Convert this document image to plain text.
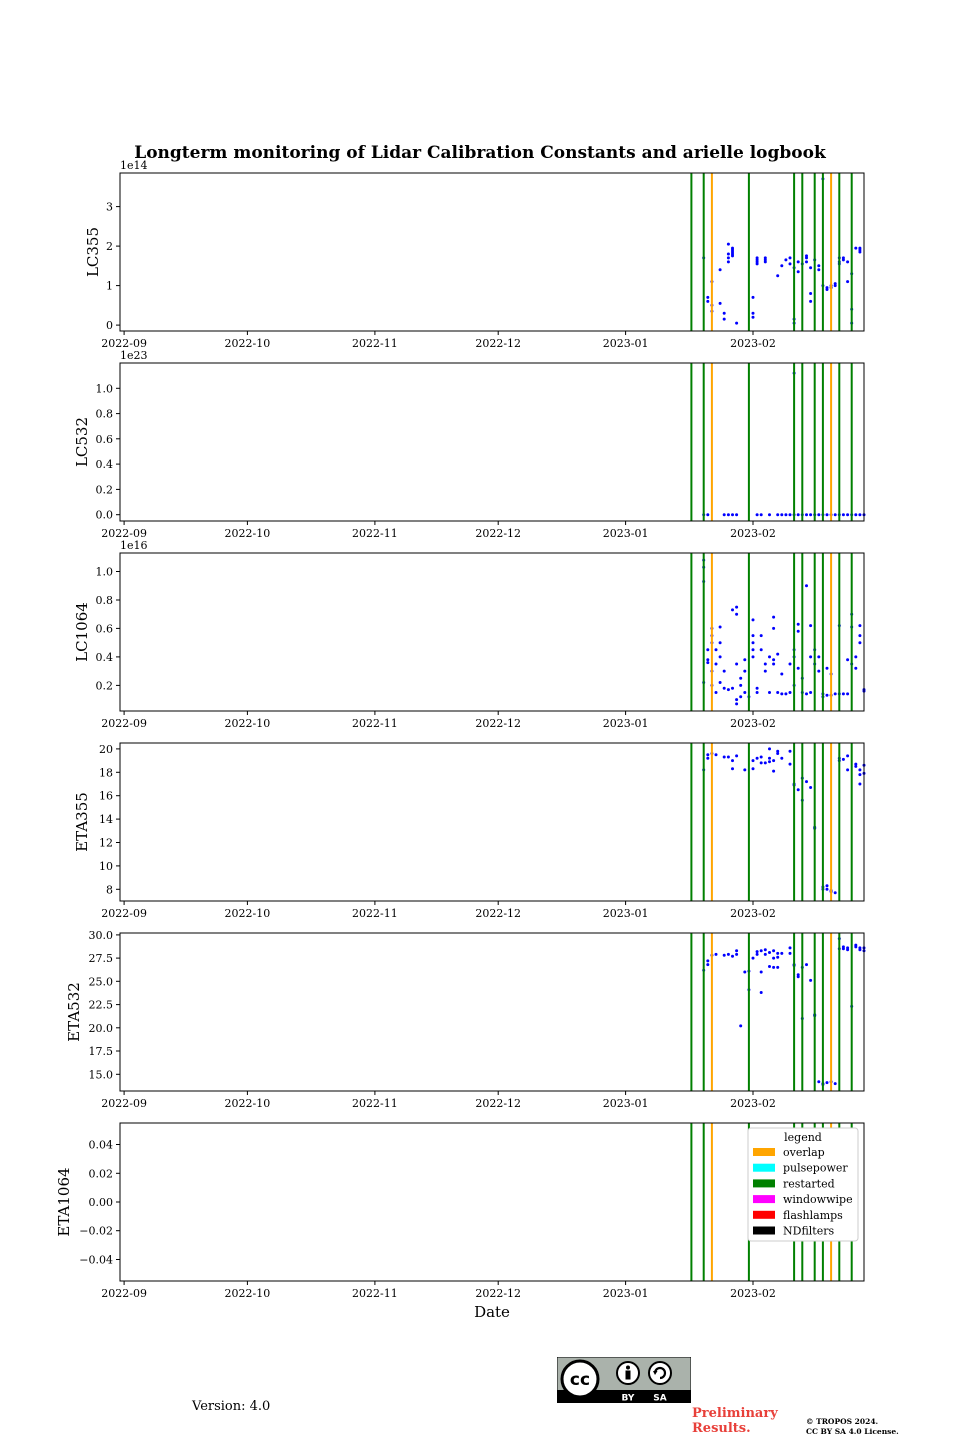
Longterm monitoring of Lidar Calibration Constants and arielle logbook
0
1
2
3
2022-09	2022-10	2022-11	2022-12	2023-01	2023-02
LC355
1e14
0.0
0.2
0.4
0.6
0.8
1.0
2022-09	2022-10	2022-11	2022-12	2023-01	2023-02
LC532
1e23
0.2
0.4
0.6
0.8
1.0
2022-09	2022-10	2022-11	2022-12	2023-01	2023-02
LC1064
1e16
8
10
12
14
16
18
20
2022-09	2022-10	2022-11	2022-12	2023-01	2023-02
ETA355
15.0
17.5
20.0
22.5
25.0
27.5
30.0
2022-09	2022-10	2022-11	2022-12	2023-01	2023-02
ETA532
0.04
0.02
0.00
−0.02
−0.04
2022-09	2022-10	2022-11	2022-12	2023-01	2023-02
ETA1064
Date
legend
overlap
pulsepower
restarted
windowwipe
flashlamps
NDfilters
Version: 4.0
cc
BY SA
Preliminary
Results.	© TROPOS 2024.
CC BY SA 4.0 License.
